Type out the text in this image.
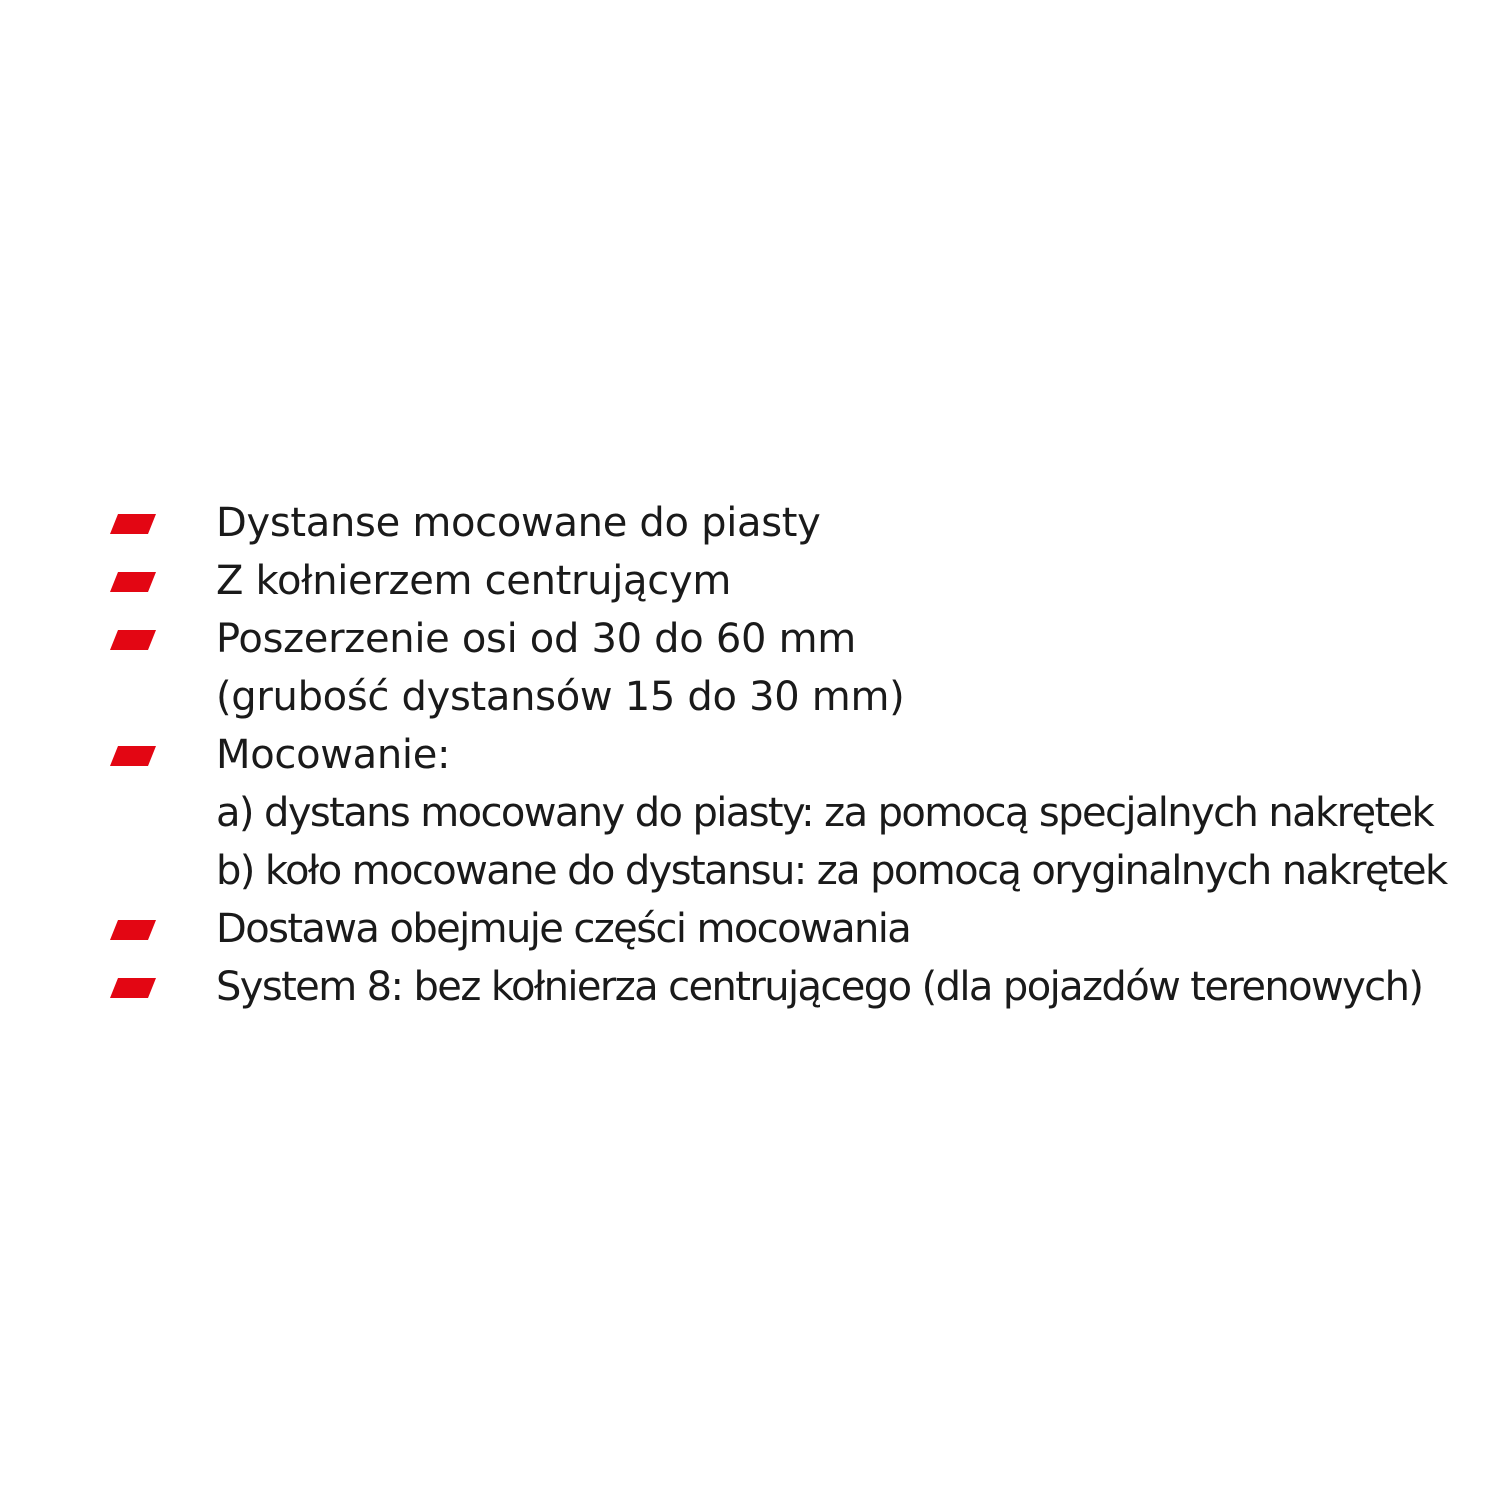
Dystanse mocowane do piasty
Z kołnierzem centrującym
Poszerzenie osi od 30 do 60 mm
(grubość dystansów 15 do 30 mm)
Mocowanie:
a) dystans mocowany do piasty: za pomocą specjalnych nakrętek
b) koło mocowane do dystansu: za pomocą oryginalnych nakrętek
Dostawa obejmuje części mocowania
System 8: bez kołnierza centrującego (dla pojazdów terenowych)
